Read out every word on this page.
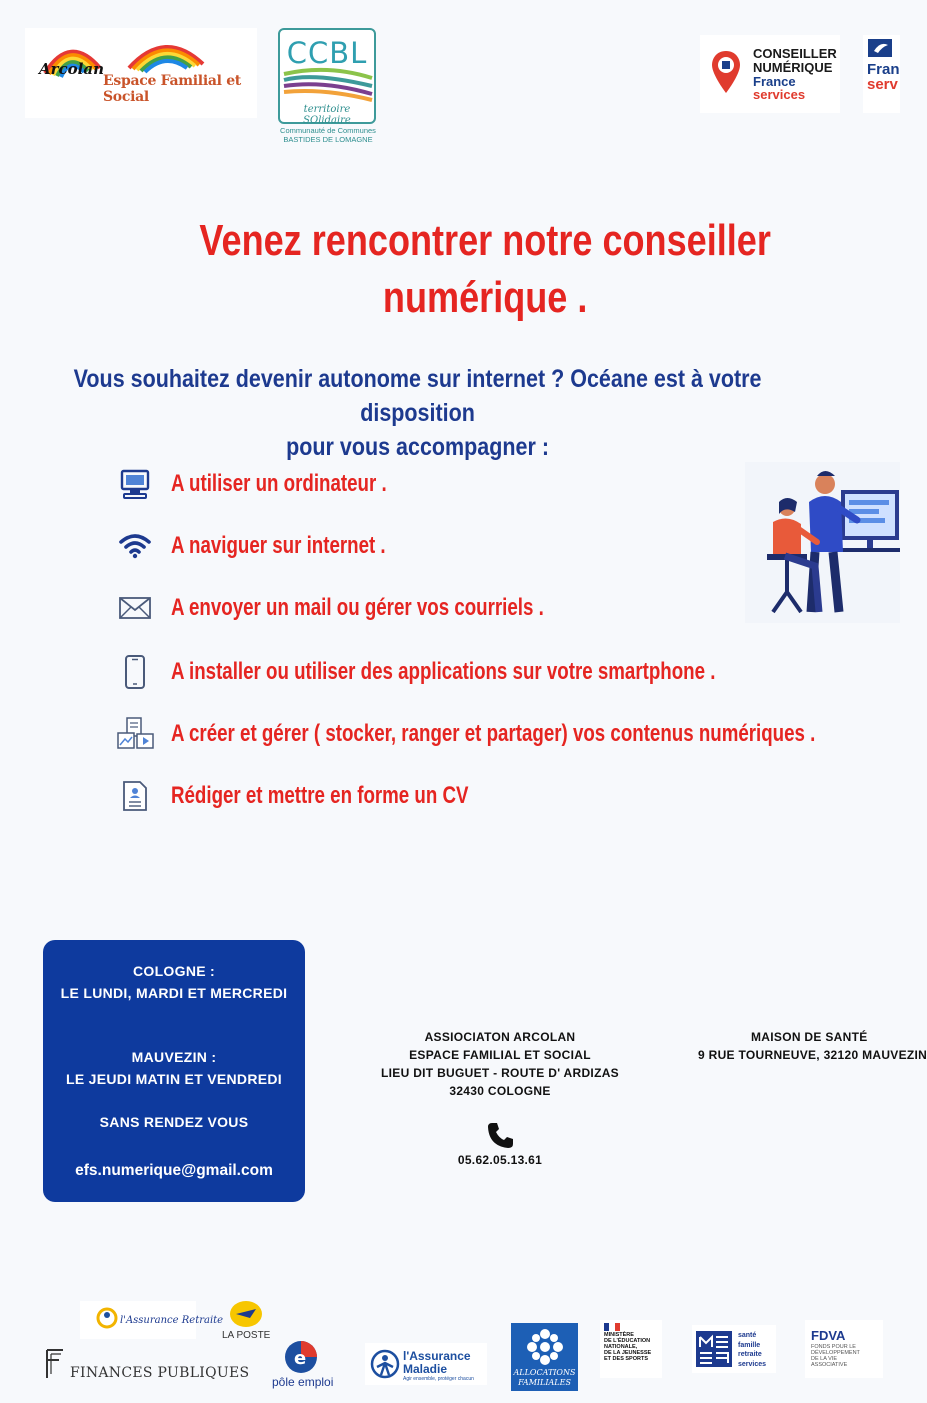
Arcolan
Espace Familial et Social
CCBL
territoire SOlidaire
Communauté de Communes
BASTIDES DE LOMAGNE
CONSEILLER
NUMÉRIQUE
France
services
Fran
serv
Venez rencontrer notre conseiller
numérique .
Vous souhaitez devenir autonome sur internet ? Océane est à votre disposition
pour vous accompagner :
A utiliser un ordinateur .
A naviguer sur internet .
A envoyer un mail ou gérer vos courriels .
A installer ou utiliser des applications sur votre smartphone .
A créer et gérer ( stocker, ranger et partager) vos contenus numériques .
Rédiger et mettre en forme un CV
COLOGNE :
LE LUNDI, MARDI ET MERCREDI
MAUVEZIN :
LE JEUDI MATIN ET VENDREDI
SANS RENDEZ VOUS
efs.numerique@gmail.com
ASSIOCIATON ARCOLAN
ESPACE FAMILIAL ET SOCIAL
LIEU DIT BUGUET - ROUTE D' ARDIZAS
32430 COLOGNE
05.62.05.13.61
MAISON DE SANTÉ
9 RUE TOURNEUVE, 32120 MAUVEZIN
l'Assurance Retraite
LA POSTE
FINANCES PUBLIQUES
e
pôle emploi
l'Assurance Maladie
Agir ensemble, protéger chacun
ALLOCATIONS
FAMILIALES
MINISTÈRE
DE L'ÉDUCATION
NATIONALE,
DE LA JEUNESSE
ET DES SPORTS
santé
famille
retraite
services
FDVA
FONDS POUR LE
DÉVELOPPEMENT
DE LA VIE
ASSOCIATIVE
